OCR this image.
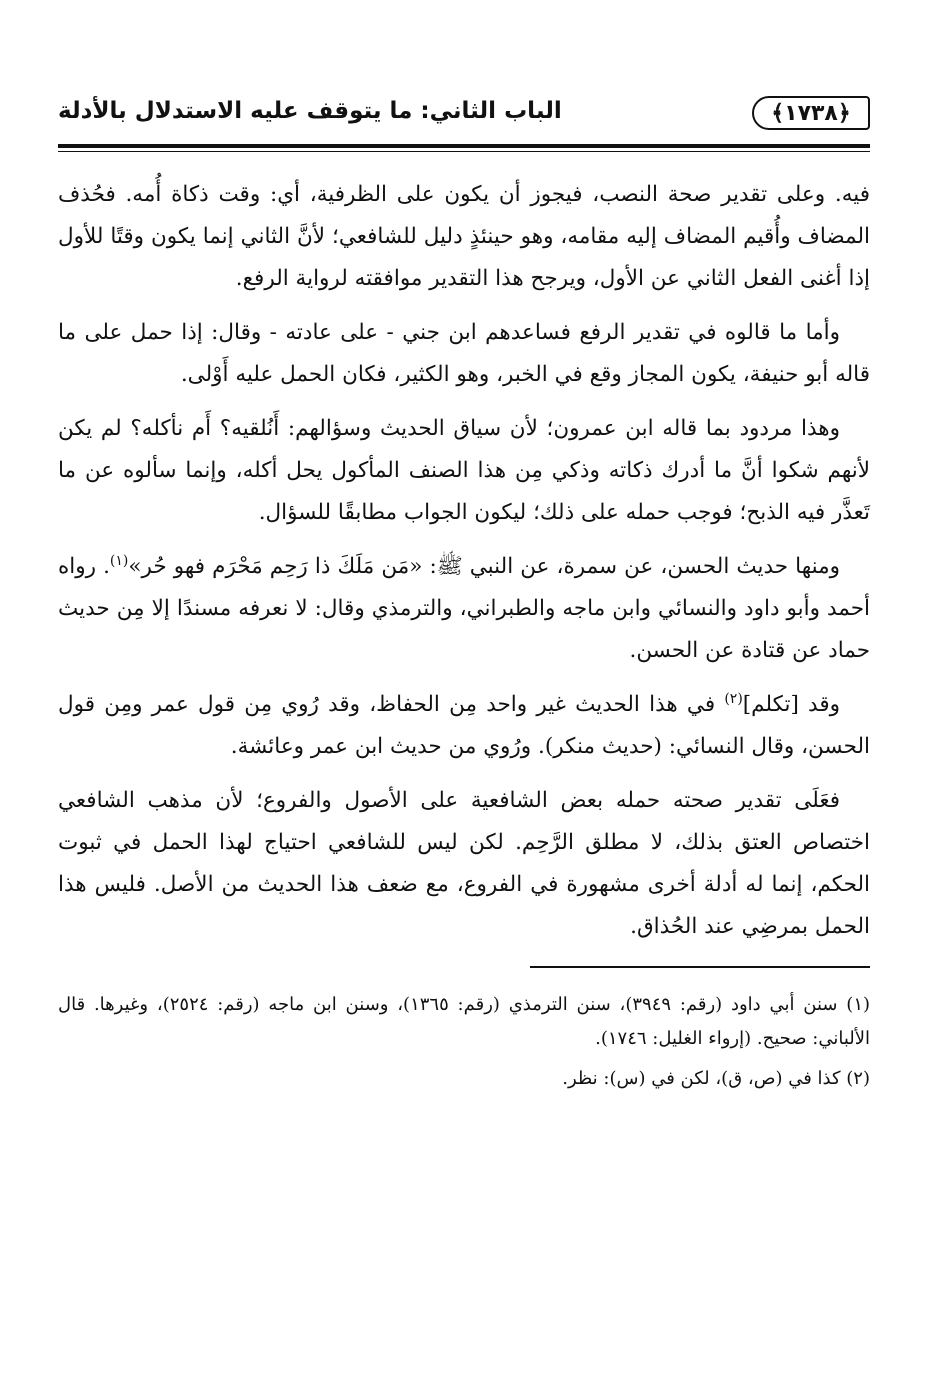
﴿١٧٣٨﴾
الباب الثاني: ما يتوقف عليه الاستدلال بالأدلة

فيه. وعلى تقدير صحة النصب، فيجوز أن يكون على الظرفية، أي: وقت ذكاة أُمه. فحُذف المضاف وأُقيم المضاف إليه مقامه، وهو حينئذٍ دليل للشافعي؛ لأنَّ الثاني إنما يكون وقتًا للأول إذا أغنى الفعل الثاني عن الأول، ويرجح هذا التقدير موافقته لرواية الرفع.

وأما ما قالوه في تقدير الرفع فساعدهم ابن جني - على عادته - وقال: إذا حمل على ما قاله أبو حنيفة، يكون المجاز وقع في الخبر، وهو الكثير، فكان الحمل عليه أَوْلى.

وهذا مردود بما قاله ابن عمرون؛ لأن سياق الحديث وسؤالهم: أَنُلقيه؟ أَم نأكله؟ لم يكن لأنهم شكوا أنَّ ما أدرك ذكاته وذكي مِن هذا الصنف المأكول يحل أكله، وإنما سألوه عن ما تَعذَّر فيه الذبح؛ فوجب حمله على ذلك؛ ليكون الجواب مطابقًا للسؤال.

ومنها حديث الحسن، عن سمرة، عن النبي ﷺ: «مَن مَلَكَ ذا رَحِم مَحْرَم فهو حُر»$^{(١)}$. رواه أحمد وأبو داود والنسائي وابن ماجه والطبراني، والترمذي وقال: لا نعرفه مسندًا إلا مِن حديث حماد عن قتادة عن الحسن.

وقد [تكلم]$^{(٢)}$ في هذا الحديث غير واحد مِن الحفاظ، وقد رُوي مِن قول عمر ومِن قول الحسن، وقال النسائي: (حديث منكر). ورُوي من حديث ابن عمر وعائشة.

فعَلَى تقدير صحته حمله بعض الشافعية على الأصول والفروع؛ لأن مذهب الشافعي اختصاص العتق بذلك، لا مطلق الرَّحِم. لكن ليس للشافعي احتياج لهذا الحمل في ثبوت الحكم، إنما له أدلة أخرى مشهورة في الفروع، مع ضعف هذا الحديث من الأصل. فليس هذا الحمل بمرضِي عند الحُذاق.

(١) سنن أبي داود (رقم: ٣٩٤٩)، سنن الترمذي (رقم: ١٣٦٥)، وسنن ابن ماجه (رقم: ٢٥٢٤)، وغيرها. قال الألباني: صحيح. (إرواء الغليل: ١٧٤٦).

(٢) كذا في (ص، ق)، لكن في (س): نظر.
